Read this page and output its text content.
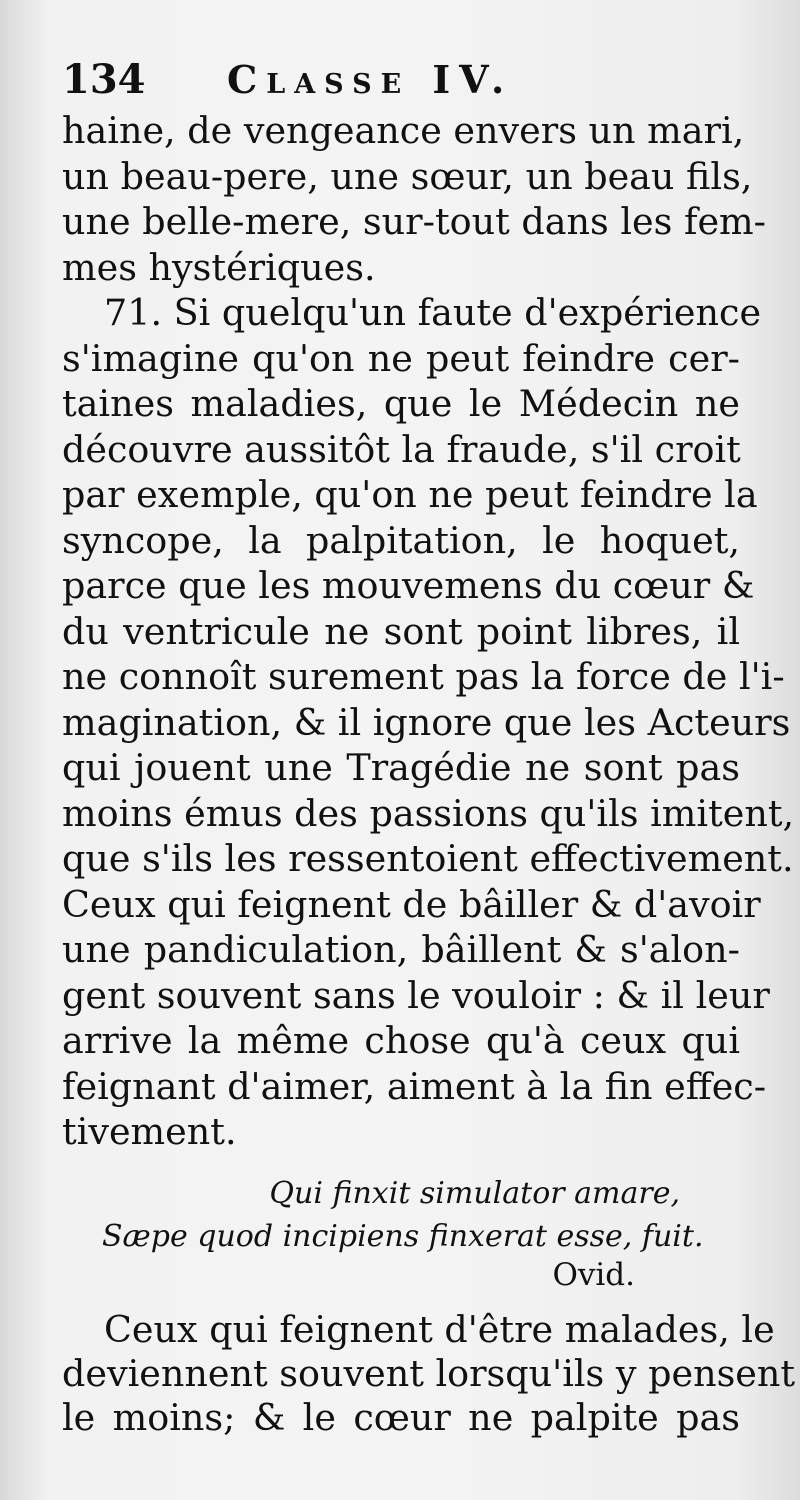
134 Classe IV.
haine, de vengeance envers un mari,
un beau-pere, une sœur, un beau fils,
une belle-mere, sur-tout dans les fem-
mes hystériques.
71. Si quelqu'un faute d'expérience
s'imagine qu'on ne peut feindre cer-
taines maladies, que le Médecin ne
découvre aussitôt la fraude, s'il croit
par exemple, qu'on ne peut feindre la
syncope, la palpitation, le hoquet,
parce que les mouvemens du cœur &
du ventricule ne sont point libres, il
ne connoît surement pas la force de l'i-
magination, & il ignore que les Acteurs
qui jouent une Tragédie ne sont pas
moins émus des passions qu'ils imitent,
que s'ils les ressentoient effectivement.
Ceux qui feignent de bâiller & d'avoir
une pandiculation, bâillent & s'alon-
gent souvent sans le vouloir : & il leur
arrive la même chose qu'à ceux qui
feignant d'aimer, aiment à la fin effec-
tivement.
Qui finxit simulator amare,
Sæpe quod incipiens finxerat esse, fuit.
Ovid.
Ceux qui feignent d'être malades, le
deviennent souvent lorsqu'ils y pensent
le moins; & le cœur ne palpite pas
